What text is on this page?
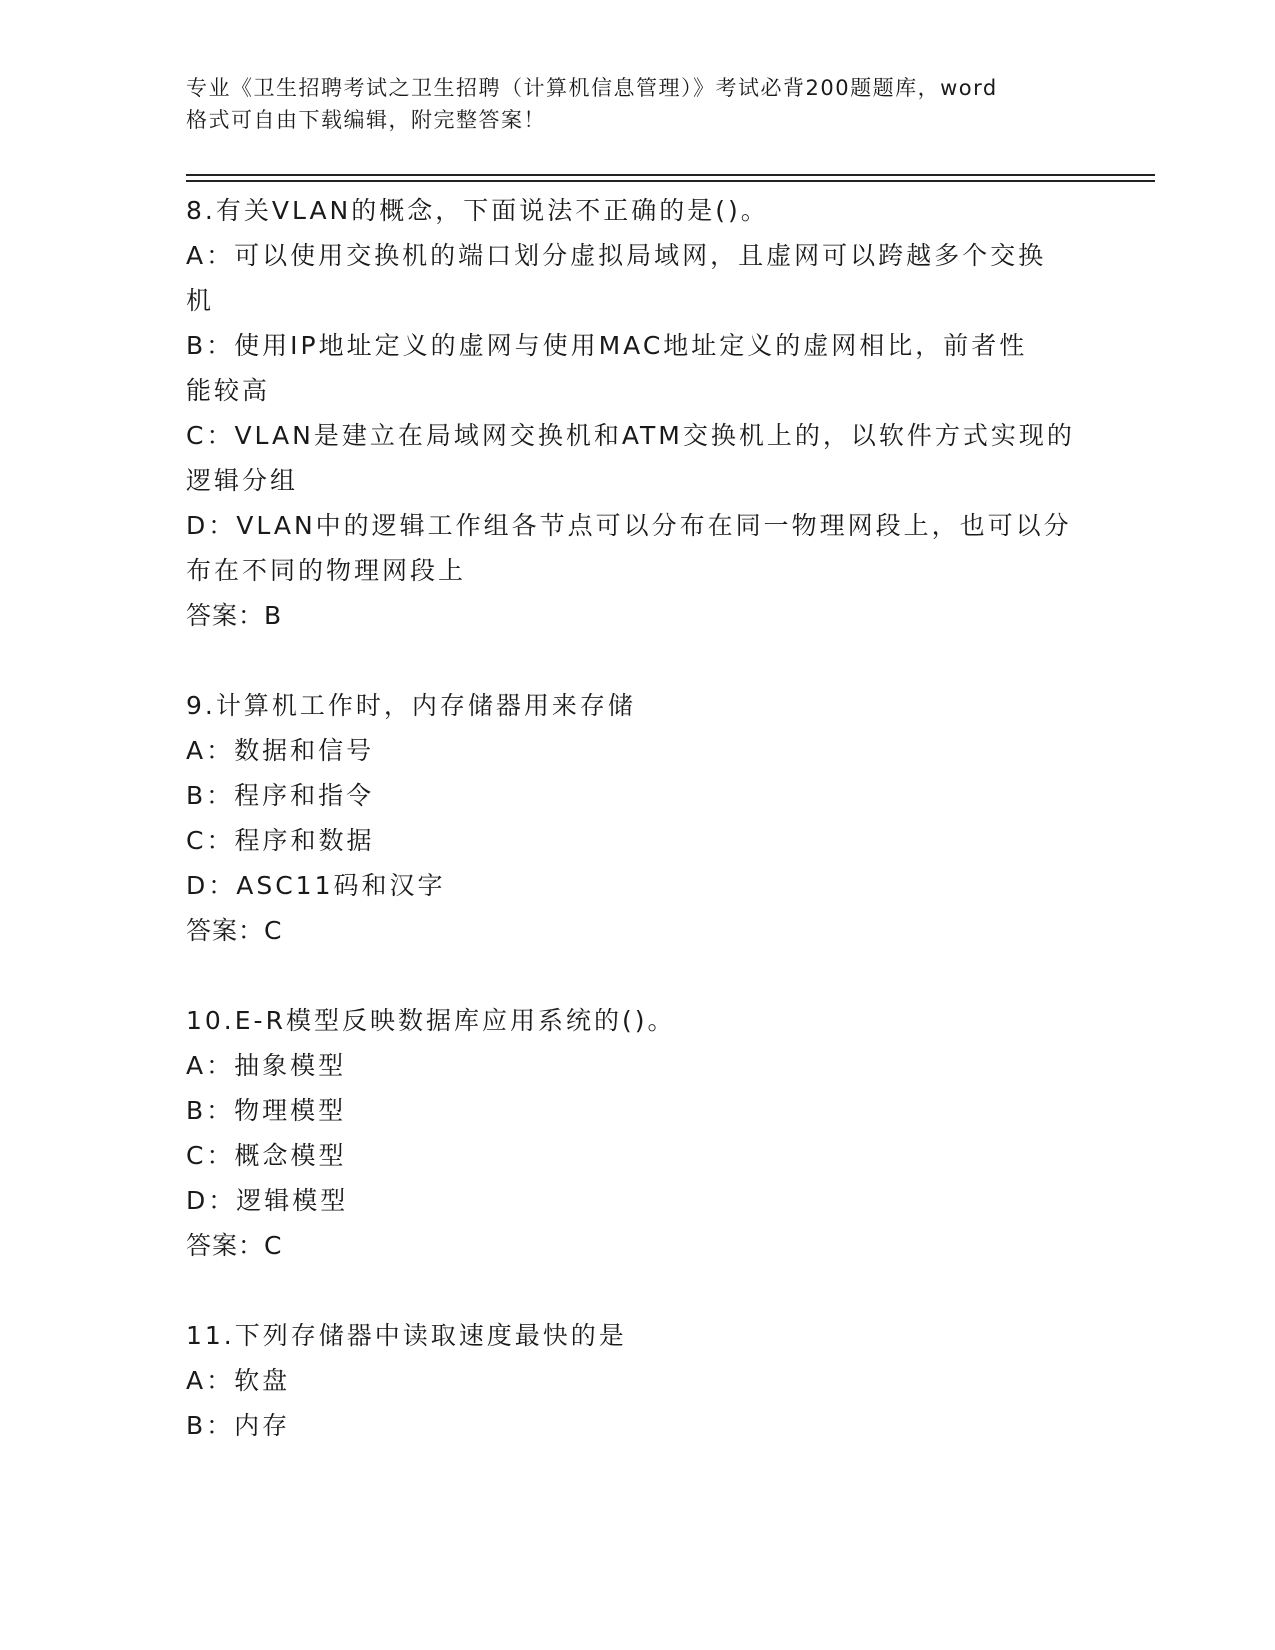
专业《卫生招聘考试之卫生招聘（计算机信息管理）》考试必背200题题库，word
格式可自由下载编辑，附完整答案！
8.有关VLAN的概念，下面说法不正确的是()。
A：可以使用交换机的端口划分虚拟局域网，且虚网可以跨越多个交换
机
B：使用IP地址定义的虚网与使用MAC地址定义的虚网相比，前者性
能较高
C：VLAN是建立在局域网交换机和ATM交换机上的，以软件方式实现的
逻辑分组
D：VLAN中的逻辑工作组各节点可以分布在同一物理网段上，也可以分
布在不同的物理网段上
答案：B
9.计算机工作时，内存储器用来存储
A：数据和信号
B：程序和指令
C：程序和数据
D：ASC11码和汉字
答案：C
10.E-R模型反映数据库应用系统的()。
A：抽象模型
B：物理模型
C：概念模型
D：逻辑模型
答案：C
11.下列存储器中读取速度最快的是
A：软盘
B：内存
